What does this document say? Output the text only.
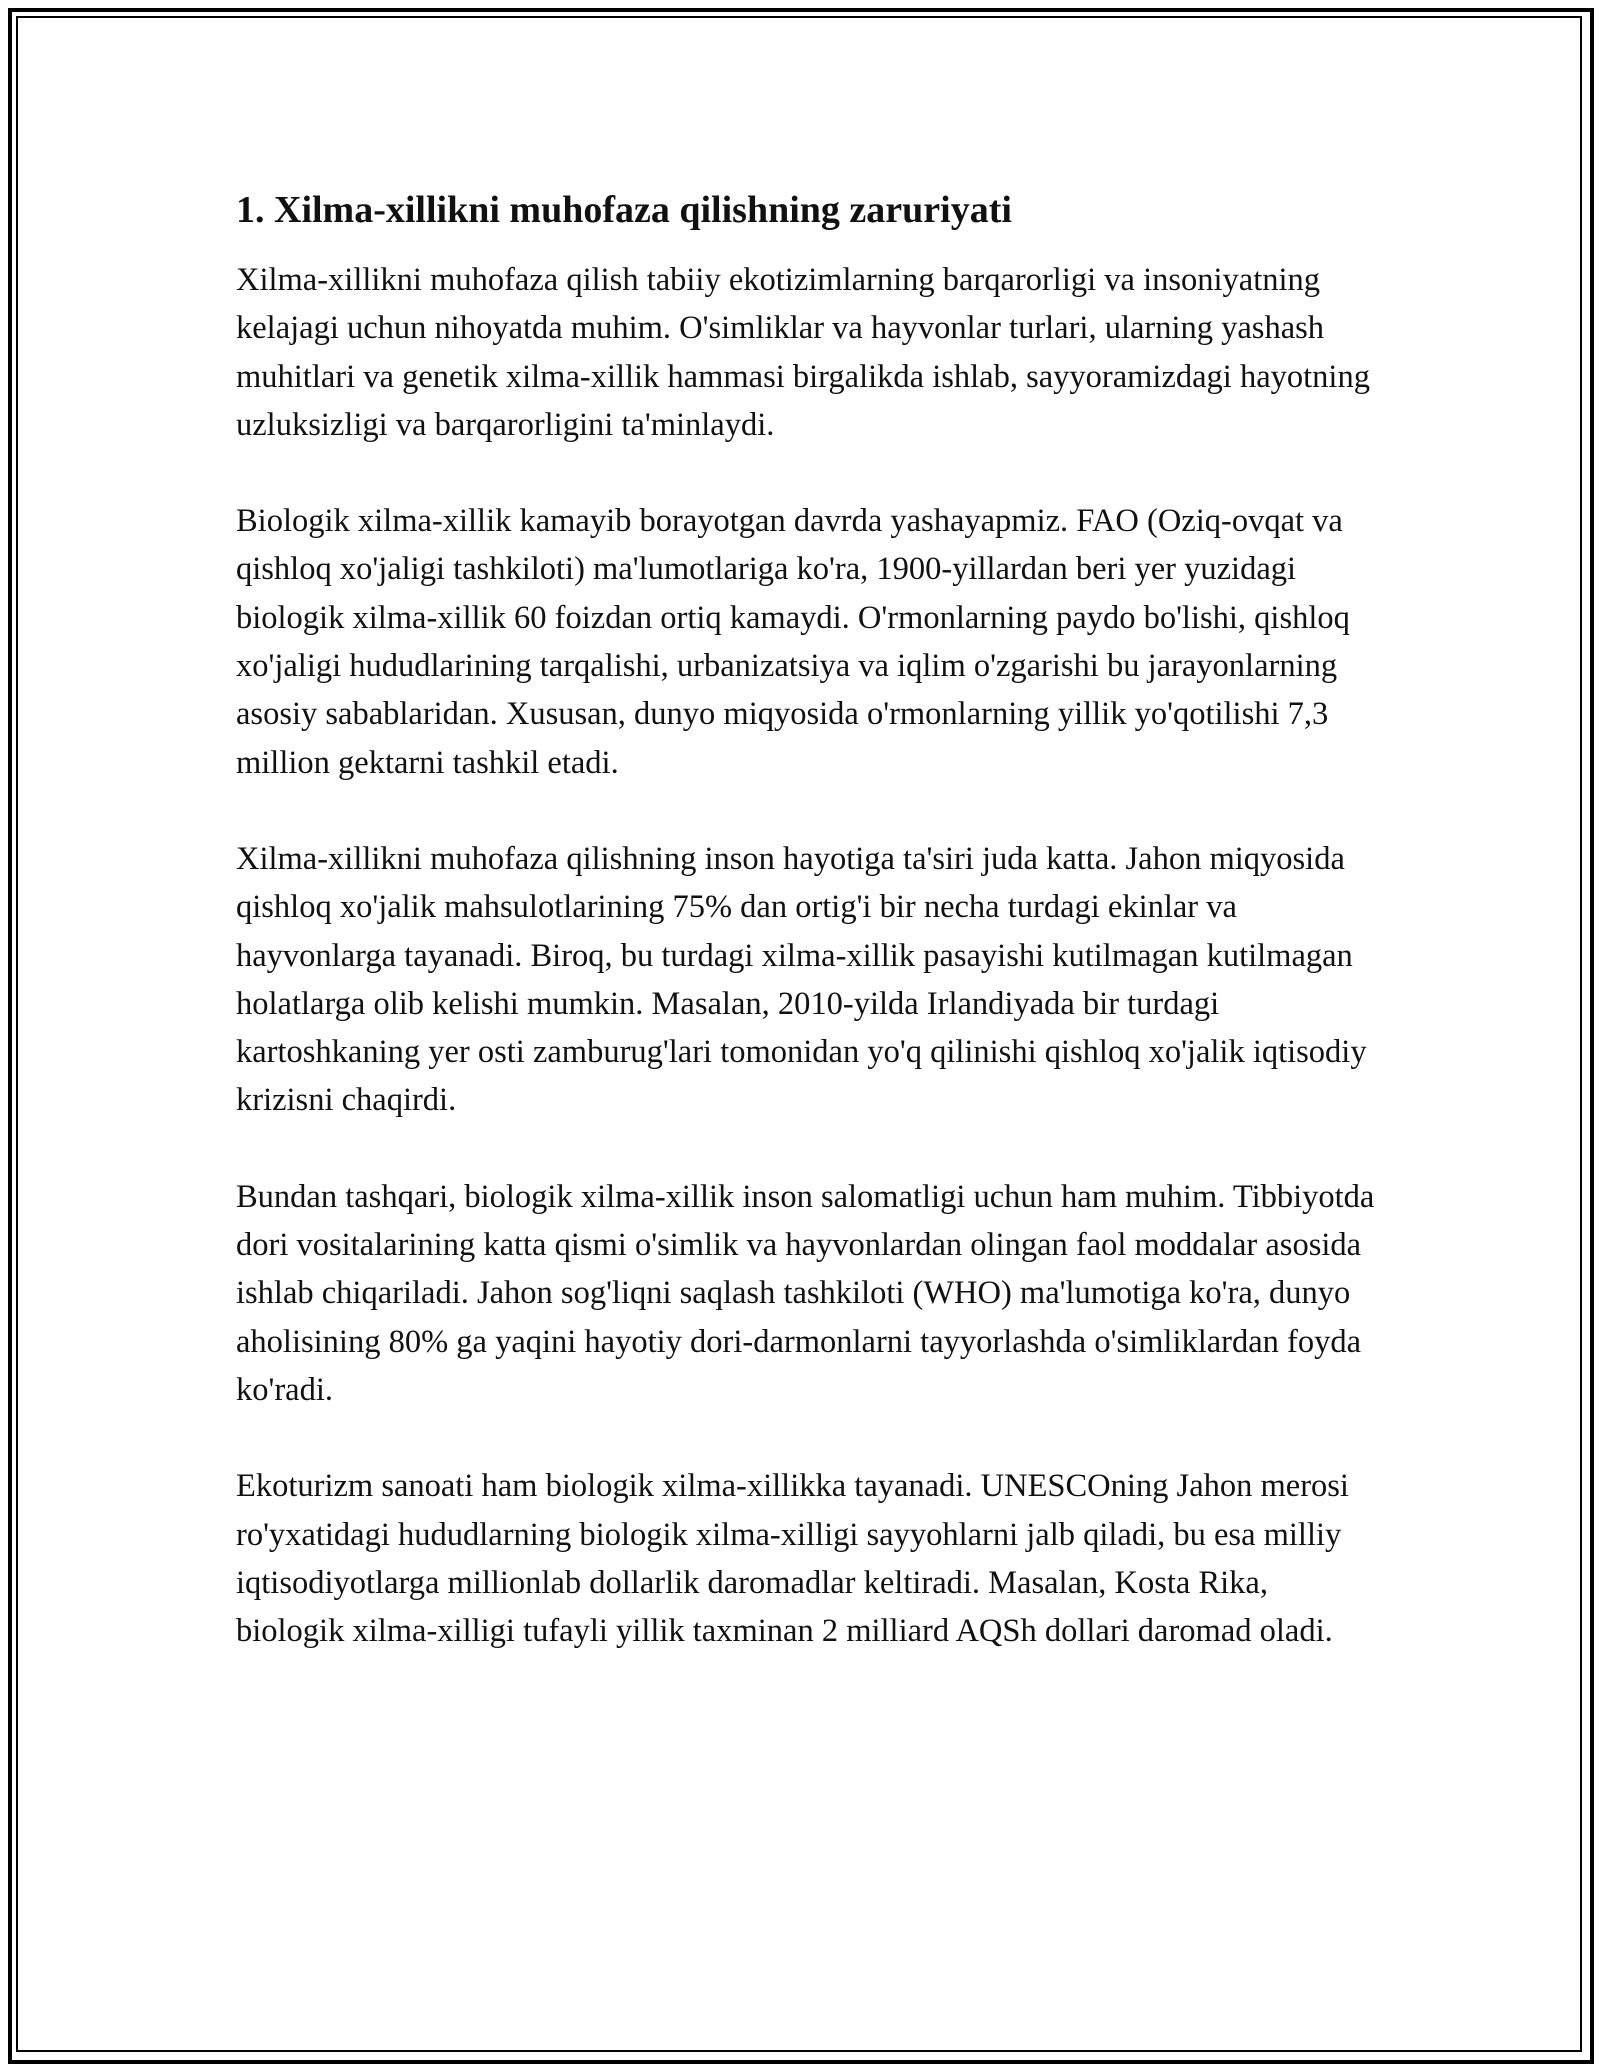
1. Xilma-xillikni muhofaza qilishning zaruriyati

Xilma-xillikni muhofaza qilish tabiiy ekotizimlarning barqarorligi va insoniyatning kelajagi uchun nihoyatda muhim. O'simliklar va hayvonlar turlari, ularning yashash muhitlari va genetik xilma-xillik hammasi birgalikda ishlab, sayyoramizdagi hayotning uzluksizligi va barqarorligini ta'minlaydi.

Biologik xilma-xillik kamayib borayotgan davrda yashayapmiz. FAO (Oziq-ovqat va qishloq xo'jaligi tashkiloti) ma'lumotlariga ko'ra, 1900-yillardan beri yer yuzidagi biologik xilma-xillik 60 foizdan ortiq kamaydi. O'rmonlarning paydo bo'lishi, qishloq xo'jaligi hududlarining tarqalishi, urbanizatsiya va iqlim o'zgarishi bu jarayonlarning asosiy sabablaridan. Xususan, dunyo miqyosida o'rmonlarning yillik yo'qotilishi 7,3 million gektarni tashkil etadi.

Xilma-xillikni muhofaza qilishning inson hayotiga ta'siri juda katta. Jahon miqyosida qishloq xo'jalik mahsulotlarining 75% dan ortig'i bir necha turdagi ekinlar va hayvonlarga tayanadi. Biroq, bu turdagi xilma-xillik pasayishi kutilmagan kutilmagan holatlarga olib kelishi mumkin. Masalan, 2010-yilda Irlandiyada bir turdagi kartoshkaning yer osti zamburug'lari tomonidan yo'q qilinishi qishloq xo'jalik iqtisodiy krizisni chaqirdi.

Bundan tashqari, biologik xilma-xillik inson salomatligi uchun ham muhim. Tibbiyotda dori vositalarining katta qismi o'simlik va hayvonlardan olingan faol moddalar asosida ishlab chiqariladi. Jahon sog'liqni saqlash tashkiloti (WHO) ma'lumotiga ko'ra, dunyo aholisining 80% ga yaqini hayotiy dori-darmonlarni tayyorlashda o'simliklardan foyda ko'radi.

Ekoturizm sanoati ham biologik xilma-xillikka tayanadi. UNESCOning Jahon merosi ro'yxatidagi hududlarning biologik xilma-xilligi sayyohlarni jalb qiladi, bu esa milliy iqtisodiyotlarga millionlab dollarlik daromadlar keltiradi. Masalan, Kosta Rika, biologik xilma-xilligi tufayli yillik taxminan 2 milliard AQSh dollari daromad oladi.
